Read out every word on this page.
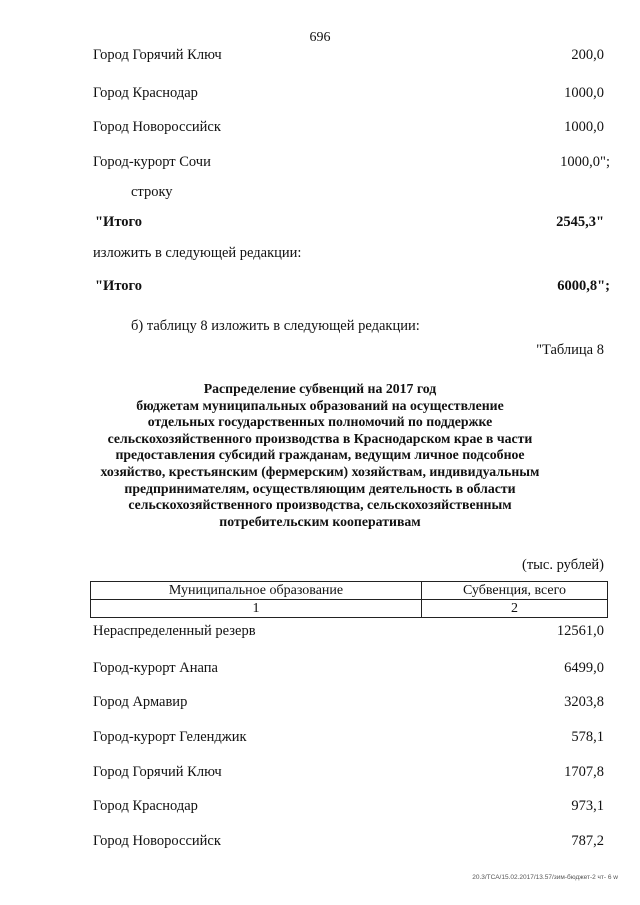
696
Город Горячий Ключ	200,0
Город Краснодар	1000,0
Город Новороссийск	1000,0
Город-курорт Сочи	1000,0";
строку
"Итого	2545,3"
изложить в следующей редакции:
"Итого	6000,8";
б) таблицу 8 изложить в следующей редакции:
"Таблица 8
Распределение субвенций на 2017 год
бюджетам муниципальных образований на осуществление
отдельных государственных полномочий по поддержке
сельскохозяйственного производства в Краснодарском крае в части
предоставления субсидий гражданам, ведущим личное подсобное
хозяйство, крестьянским (фермерским) хозяйствам, индивидуальным
предпринимателям, осуществляющим деятельность в области
сельскохозяйственного производства, сельскохозяйственным
потребительским кооперативам
(тыс. рублей)
Муниципальное образование	Субвенция, всего
1	2
Нераспределенный резерв	12561,0
Город-курорт Анапа	6499,0
Город Армавир	3203,8
Город-курорт Геленджик	578,1
Город Горячий Ключ	1707,8
Город Краснодар	973,1
Город Новороссийск	787,2
20.3/ТСА/15.02.2017/13.57/зим-бюджет-2 чт- 6 w
